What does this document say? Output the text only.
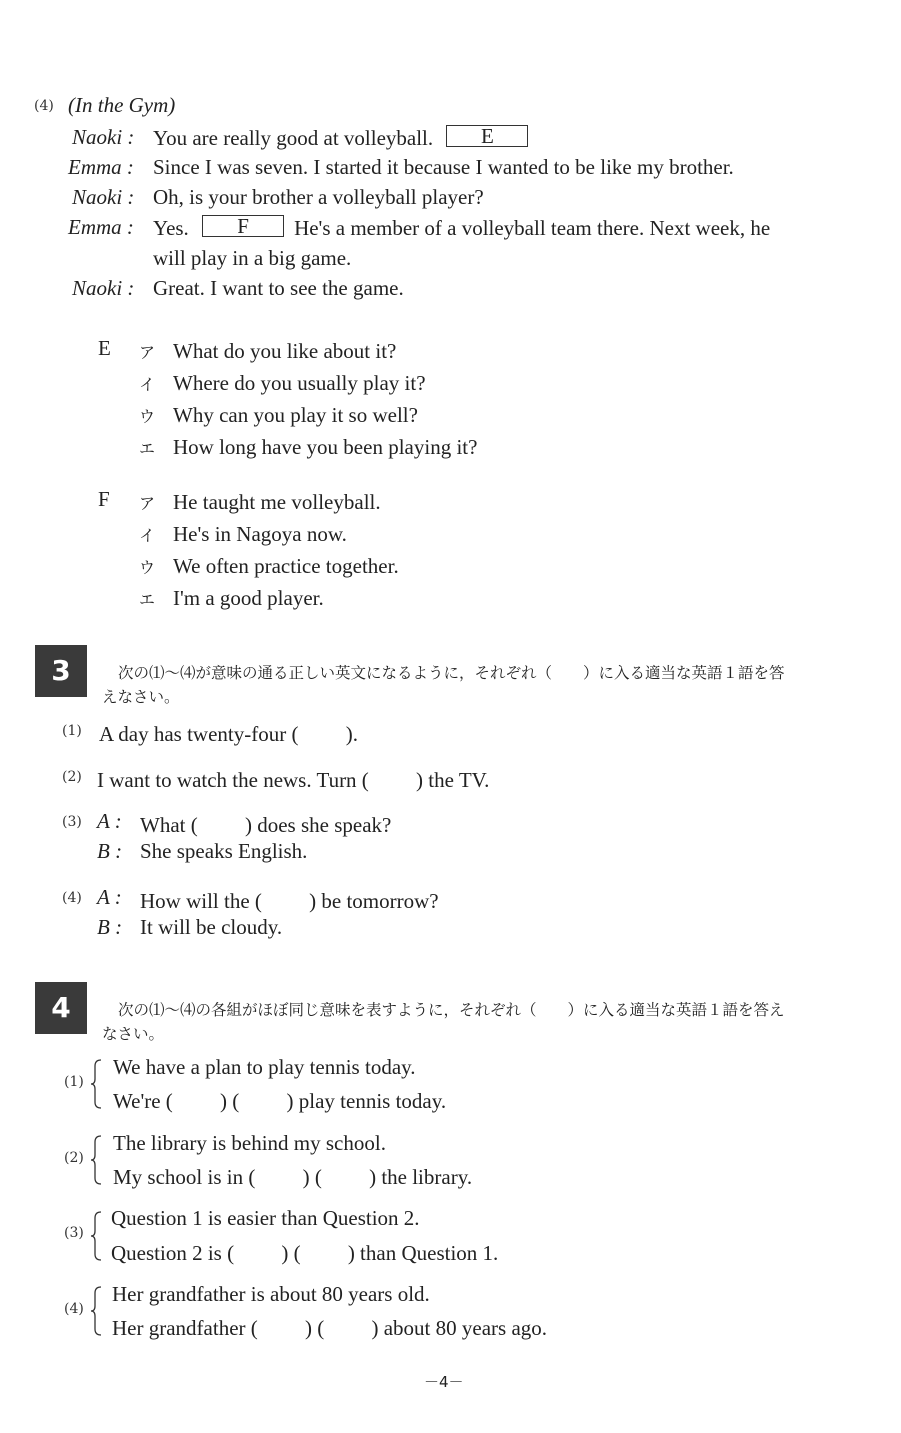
(4) (In the Gym)
Naoki : You are really good at volleyball. E
Emma : Since I was seven. I started it because I wanted to be like my brother.
Naoki : Oh, is your brother a volleyball player?
Emma : Yes. F He's a member of a volleyball team there. Next week, he
will play in a big game.
Naoki : Great. I want to see the game.
E ア What do you like about it?
イ Where do you usually play it?
ウ Why can you play it so well?
エ How long have you been playing it?
F ア He taught me volleyball.
イ He's in Nagoya now.
ウ We often practice together.
エ I'm a good player.
3	次の⑴〜⑷が意味の通る正しい英文になるように，それぞれ（　　）に入る適当な英語１語を答
えなさい。
(1) A day has twenty-four (　　 ).
(2) I want to watch the news. Turn (　　 ) the TV.
(3) A : What (　　 ) does she speak?
B : She speaks English.
(4) A : How will the (　　 ) be tomorrow?
B : It will be cloudy.
4	次の⑴〜⑷の各組がほぼ同じ意味を表すように，それぞれ（　　）に入る適当な英語１語を答え
なさい。
(1)
We have a plan to play tennis today.
We're (　　 ) (　　 ) play tennis today.
(2)
The library is behind my school.
My school is in (　　 ) (　　 ) the library.
(3)
Question 1 is easier than Question 2.
Question 2 is (　　 ) (　　 ) than Question 1.
(4)
Her grandfather is about 80 years old.
Her grandfather (　　 ) (　　 ) about 80 years ago.
－4－
